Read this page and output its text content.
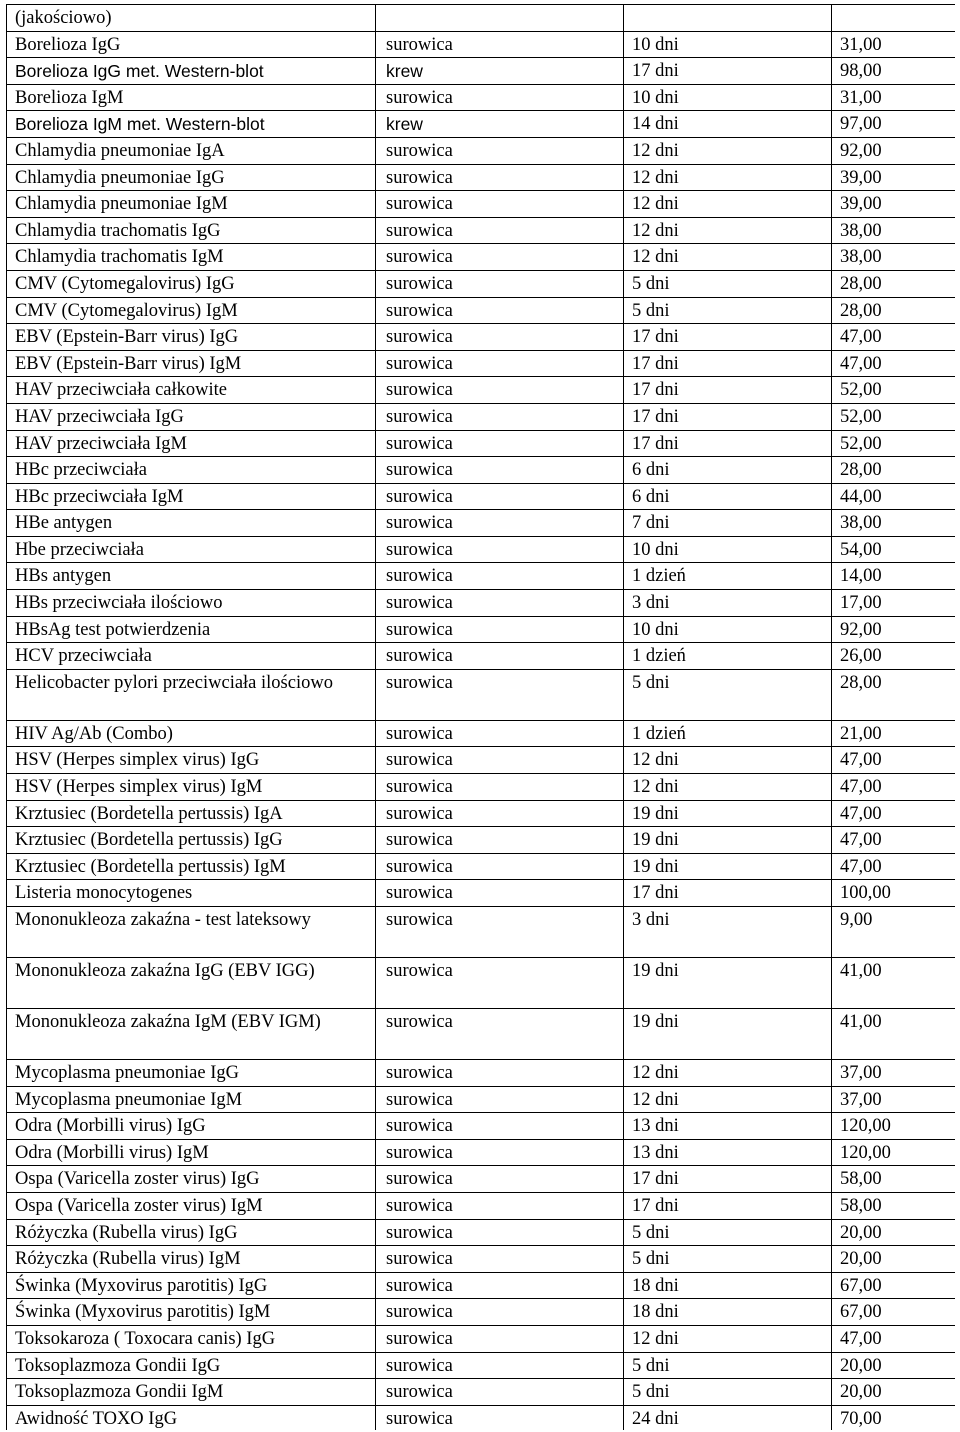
(jakościowo)			
Borelioza IgG	surowica	10 dni	31,00
Borelioza IgG met. Western-blot	krew	17 dni	98,00
Borelioza IgM	surowica	10 dni	31,00
Borelioza IgM met. Western-blot	krew	14 dni	97,00
Chlamydia pneumoniae IgA	surowica	12 dni	92,00
Chlamydia pneumoniae IgG	surowica	12 dni	39,00
Chlamydia pneumoniae IgM	surowica	12 dni	39,00
Chlamydia trachomatis IgG	surowica	12 dni	38,00
Chlamydia trachomatis IgM	surowica	12 dni	38,00
CMV (Cytomegalovirus) IgG	surowica	5 dni	28,00
CMV (Cytomegalovirus) IgM	surowica	5 dni	28,00
EBV (Epstein-Barr virus) IgG	surowica	17 dni	47,00
EBV (Epstein-Barr virus) IgM	surowica	17 dni	47,00
HAV przeciwciała całkowite	surowica	17 dni	52,00
HAV przeciwciała IgG	surowica	17 dni	52,00
HAV przeciwciała IgM	surowica	17 dni	52,00
HBc przeciwciała	surowica	6 dni	28,00
HBc przeciwciała IgM	surowica	6 dni	44,00
HBe antygen	surowica	7 dni	38,00
Hbe przeciwciała	surowica	10 dni	54,00
HBs antygen	surowica	1 dzień	14,00
HBs przeciwciała ilościowo	surowica	3 dni	17,00
HBsAg test potwierdzenia	surowica	10 dni	92,00
HCV przeciwciała	surowica	1 dzień	26,00
Helicobacter pylori przeciwciała ilościowo	surowica	5 dni	28,00
HIV Ag/Ab (Combo)	surowica	1 dzień	21,00
HSV (Herpes simplex virus) IgG	surowica	12 dni	47,00
HSV (Herpes simplex virus) IgM	surowica	12 dni	47,00
Krztusiec (Bordetella pertussis) IgA	surowica	19 dni	47,00
Krztusiec (Bordetella pertussis) IgG	surowica	19 dni	47,00
Krztusiec (Bordetella pertussis) IgM	surowica	19 dni	47,00
Listeria monocytogenes	surowica	17 dni	100,00
Mononukleoza zakaźna - test lateksowy	surowica	3 dni	9,00
Mononukleoza zakaźna IgG (EBV IGG)	surowica	19 dni	41,00
Mononukleoza zakaźna IgM (EBV IGM)	surowica	19 dni	41,00
Mycoplasma pneumoniae IgG	surowica	12 dni	37,00
Mycoplasma pneumoniae IgM	surowica	12 dni	37,00
Odra (Morbilli virus) IgG	surowica	13 dni	120,00
Odra (Morbilli virus) IgM	surowica	13 dni	120,00
Ospa (Varicella zoster virus) IgG	surowica	17 dni	58,00
Ospa (Varicella zoster virus) IgM	surowica	17 dni	58,00
Różyczka (Rubella virus) IgG	surowica	5 dni	20,00
Różyczka (Rubella virus) IgM	surowica	5 dni	20,00
Świnka (Myxovirus parotitis) IgG	surowica	18 dni	67,00
Świnka (Myxovirus parotitis) IgM	surowica	18 dni	67,00
Toksokaroza ( Toxocara canis) IgG	surowica	12 dni	47,00
Toksoplazmoza Gondii IgG	surowica	5 dni	20,00
Toksoplazmoza Gondii IgM	surowica	5 dni	20,00
Awidność TOXO IgG	surowica	24 dni	70,00
